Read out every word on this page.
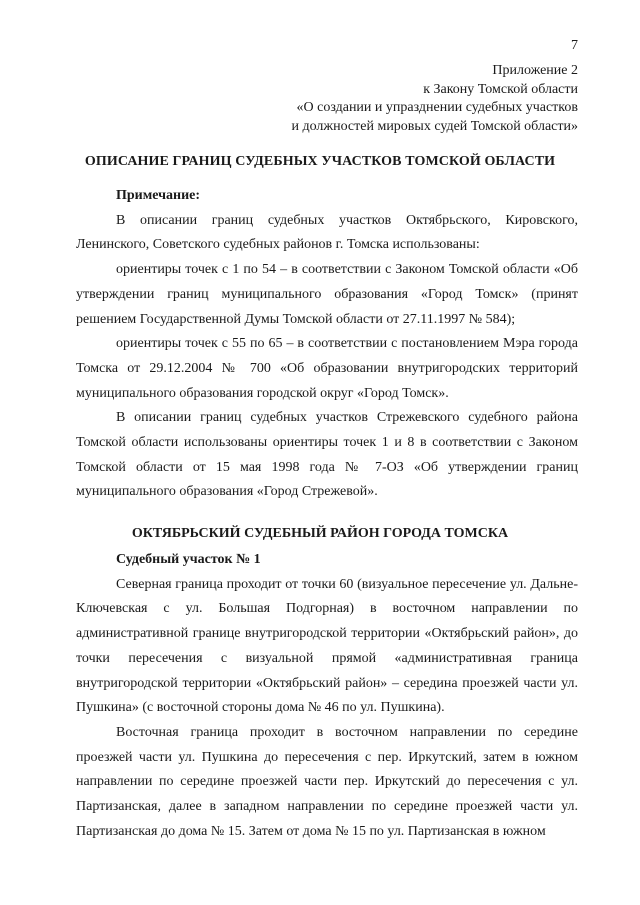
7
Приложение 2
к Закону Томской области
«О создании и упразднении судебных участков
и должностей мировых судей Томской области»
ОПИСАНИЕ ГРАНИЦ СУДЕБНЫХ УЧАСТКОВ ТОМСКОЙ ОБЛАСТИ

Примечание:

В описании границ судебных участков Октябрьского, Кировского, Ленинского, Советского судебных районов г. Томска использованы:

ориентиры точек с 1 по 54 – в соответствии с Законом Томской области «Об утверждении границ муниципального образования «Город Томск» (принят решением Государственной Думы Томской области от 27.11.1997 № 584);

ориентиры точек с 55 по 65 – в соответствии с постановлением Мэра города Томска от 29.12.2004 № 700 «Об образовании внутригородских территорий муниципального образования городской округ «Город Томск».

В описании границ судебных участков Стрежевского судебного района Томской области использованы ориентиры точек 1 и 8 в соответствии с Законом Томской области от 15 мая 1998 года № 7-ОЗ «Об утверждении границ муниципального образования «Город Стрежевой».

ОКТЯБРЬСКИЙ СУДЕБНЫЙ РАЙОН ГОРОДА ТОМСКА

Судебный участок № 1

Северная граница проходит от точки 60 (визуальное пересечение ул. Дальне-Ключевская с ул. Большая Подгорная) в восточном направлении по административной границе внутригородской территории «Октябрьский район», до точки пересечения с визуальной прямой «административная граница внутригородской территории «Октябрьский район» – середина проезжей части ул. Пушкина» (с восточной стороны дома № 46 по ул. Пушкина).

Восточная граница проходит в восточном направлении по середине проезжей части ул. Пушкина до пересечения с пер. Иркутский, затем в южном направлении по середине проезжей части пер. Иркутский до пересечения с ул. Партизанская, далее в западном направлении по середине проезжей части ул. Партизанская до дома № 15. Затем от дома № 15 по ул. Партизанская в южном
